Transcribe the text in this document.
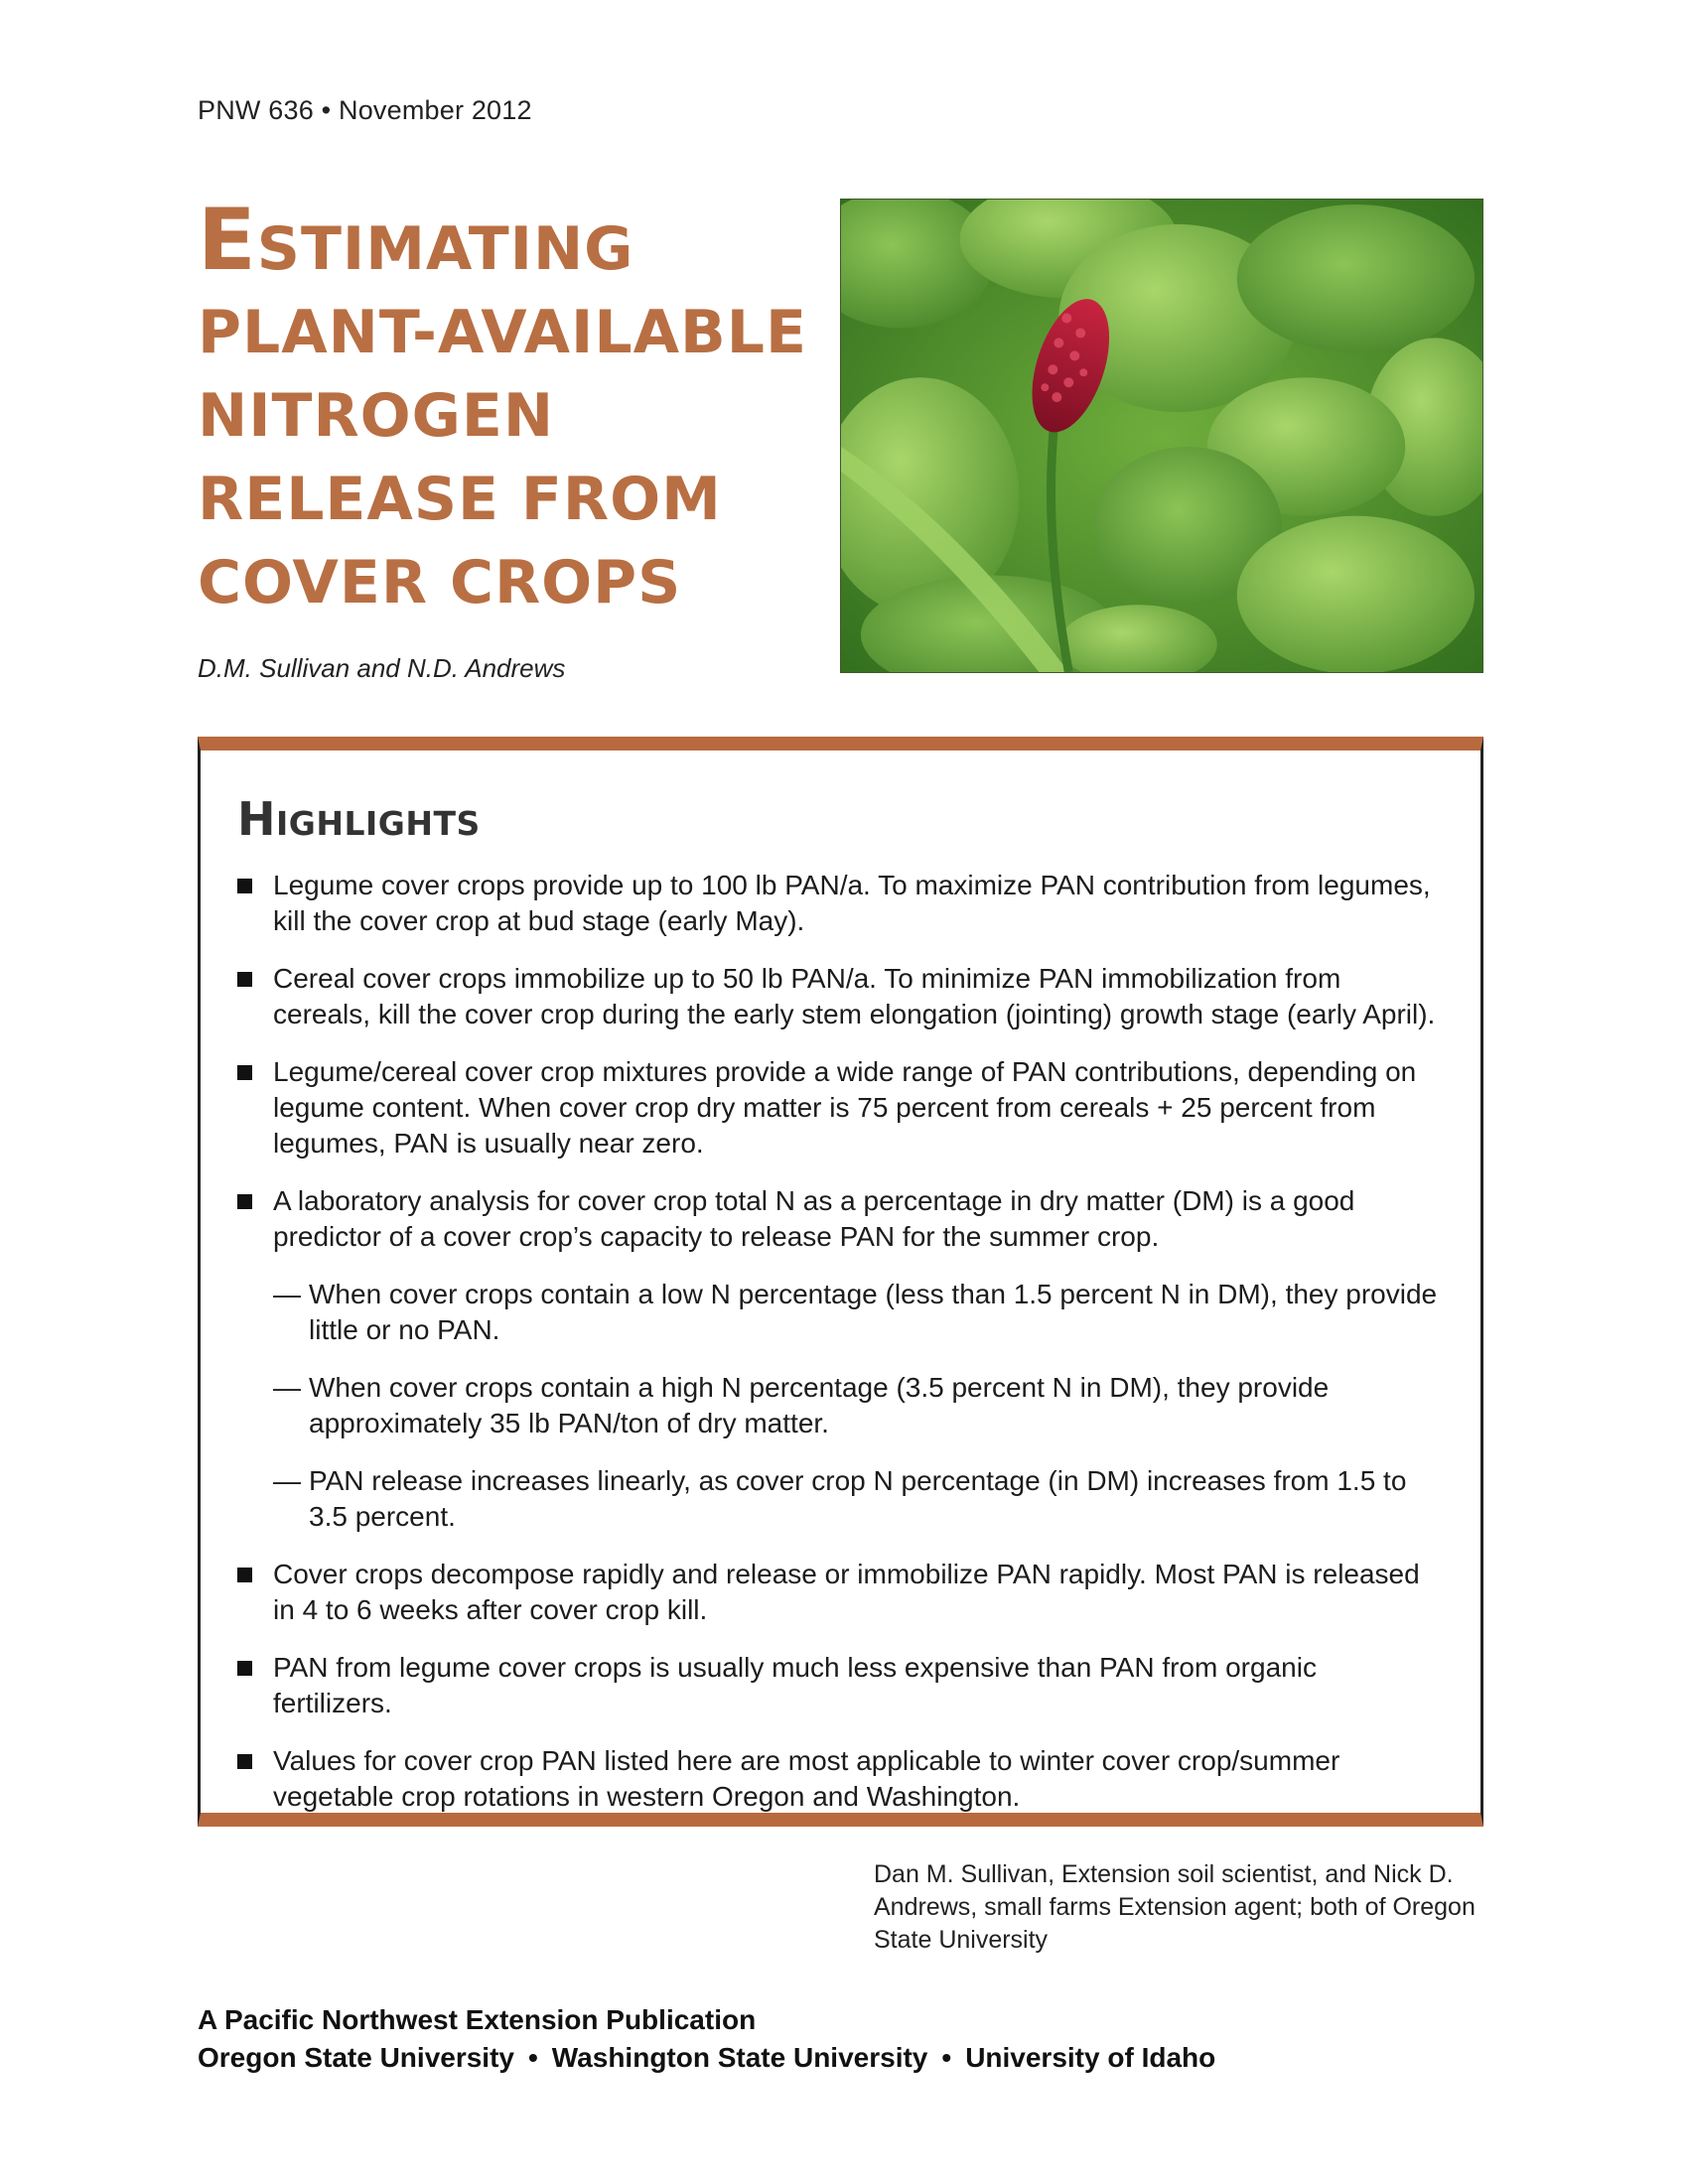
PNW 636 • November 2012
ESTIMATING
PLANT-AVAILABLE
NITROGEN
RELEASE FROM
COVER CROPS
D.M. Sullivan and N.D. Andrews
HIGHLIGHTS
Legume cover crops provide up to 100 lb PAN/a. To maximize PAN contribution from legumes, kill the cover crop at bud stage (early May).
Cereal cover crops immobilize up to 50 lb PAN/a. To minimize PAN immobilization from cereals, kill the cover crop during the early stem elongation (jointing) growth stage (early April).
Legume/cereal cover crop mixtures provide a wide range of PAN contributions, depending on legume content. When cover crop dry matter is 75 percent from cereals + 25 percent from legumes, PAN is usually near zero.
A laboratory analysis for cover crop total N as a percentage in dry matter (DM) is a good predictor of a cover crop’s capacity to release PAN for the summer crop.
— When cover crops contain a low N percentage (less than 1.5 percent N in DM), they provide little or no PAN.
— When cover crops contain a high N percentage (3.5 percent N in DM), they provide approximately 35 lb PAN/ton of dry matter.
— PAN release increases linearly, as cover crop N percentage (in DM) increases from 1.5 to 3.5 percent.
Cover crops decompose rapidly and release or immobilize PAN rapidly. Most PAN is released in 4 to 6 weeks after cover crop kill.
PAN from legume cover crops is usually much less expensive than PAN from organic fertilizers.
Values for cover crop PAN listed here are most applicable to winter cover crop/summer vegetable crop rotations in western Oregon and Washington.
Dan M. Sullivan, Extension soil scientist, and Nick D. Andrews, small farms Extension agent; both of Oregon State University
A Pacific Northwest Extension Publication
Oregon State University • Washington State University • University of Idaho
